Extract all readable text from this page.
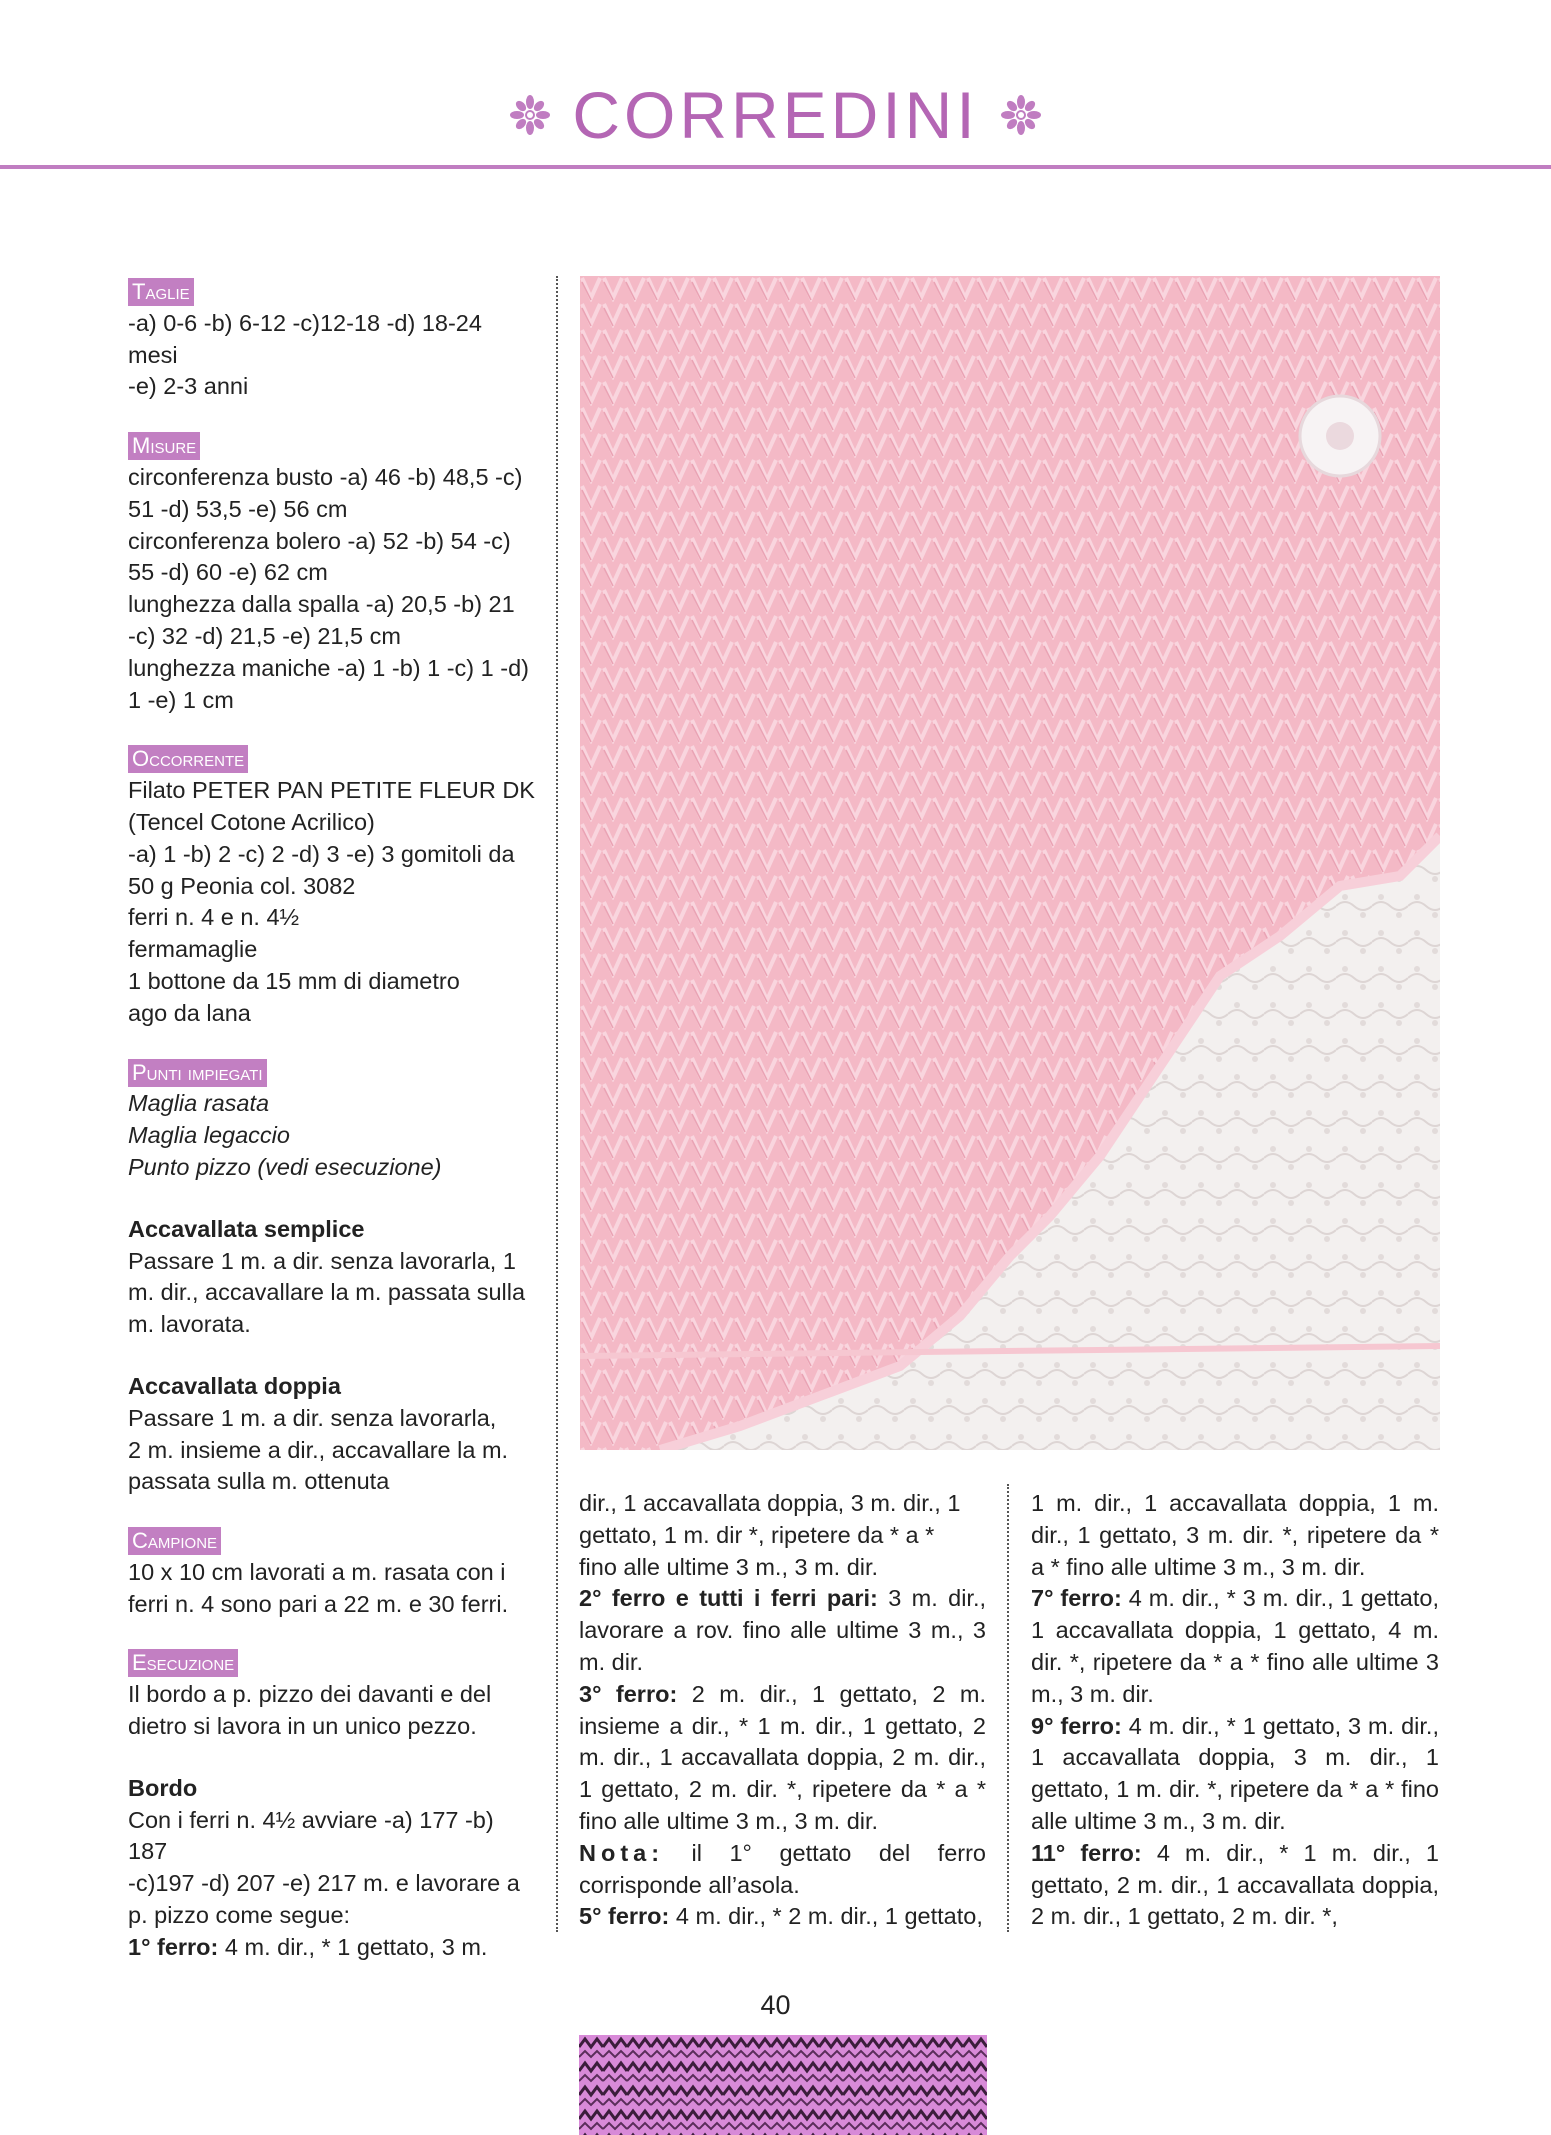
CORREDINI
Taglie

-a) 0-6 -b) 6-12 -c)12-18 -d) 18-24 mesi

-e) 2-3 anni

Misure

circonferenza busto -a) 46 -b) 48,5 -c)

51 -d) 53,5 -e) 56 cm

circonferenza bolero -a) 52 -b) 54 -c)

55 -d) 60 -e) 62 cm

lunghezza dalla spalla -a) 20,5 -b) 21

-c) 32 -d) 21,5 -e) 21,5 cm

lunghezza maniche -a) 1 -b) 1 -c) 1 -d)

1 -e) 1 cm

Occorrente

Filato PETER PAN PETITE FLEUR DK

(Tencel Cotone Acrilico)

-a) 1 -b) 2 -c) 2 -d) 3 -e) 3 gomitoli da

50 g Peonia col. 3082

ferri n. 4 e n. 4½

fermamaglie

1 bottone da 15 mm di diametro

ago da lana

Punti impiegati

Maglia rasata

Maglia legaccio

Punto pizzo (vedi esecuzione)

Accavallata semplice

Passare 1 m. a dir. senza lavorarla, 1

m. dir., accavallare la m. passata sulla

m. lavorata.

Accavallata doppia

Passare 1 m. a dir. senza lavorarla,

2 m. insieme a dir., accavallare la m.

passata sulla m. ottenuta

Campione

10 x 10 cm lavorati a m. rasata con i

ferri n. 4 sono pari a 22 m. e 30 ferri.

Esecuzione

Il bordo a p. pizzo dei davanti e del

dietro si lavora in un unico pezzo.

Bordo

Con i ferri n. 4½ avviare -a) 177 -b) 187

-c)197 -d) 207 -e) 217 m. e lavorare a

p. pizzo come segue:

1° ferro: 4 m. dir., * 1 gettato, 3 m.

dir., 1 accavallata doppia, 3 m. dir., 1

gettato, 1 m. dir *, ripetere da * a *

fino alle ultime 3 m., 3 m. dir.

2° ferro e tutti i ferri pari: 3 m. dir., lavorare a rov. fino alle ultime 3 m., 3 m. dir.

3° ferro: 2 m. dir., 1 gettato, 2 m. insieme a dir., * 1 m. dir., 1 gettato, 2 m. dir., 1 accavallata doppia, 2 m. dir., 1 gettato, 2 m. dir. *, ripetere da * a * fino alle ultime 3 m., 3 m. dir.

Nota: il 1° gettato del ferro corrisponde all’asola.

5° ferro: 4 m. dir., * 2 m. dir., 1 gettato,

1 m. dir., 1 accavallata doppia, 1 m. dir., 1 gettato, 3 m. dir. *, ripetere da * a * fino alle ultime 3 m., 3 m. dir.

7° ferro: 4 m. dir., * 3 m. dir., 1 gettato, 1 accavallata doppia, 1 gettato, 4 m. dir. *, ripetere da * a * fino alle ultime 3 m., 3 m. dir.

9° ferro: 4 m. dir., * 1 gettato, 3 m. dir., 1 accavallata doppia, 3 m. dir., 1 gettato, 1 m. dir. *, ripetere da * a * fino alle ultime 3 m., 3 m. dir.

11° ferro: 4 m. dir., * 1 m. dir., 1 gettato, 2 m. dir., 1 accavallata doppia, 2 m. dir., 1 gettato, 2 m. dir. *,

40
